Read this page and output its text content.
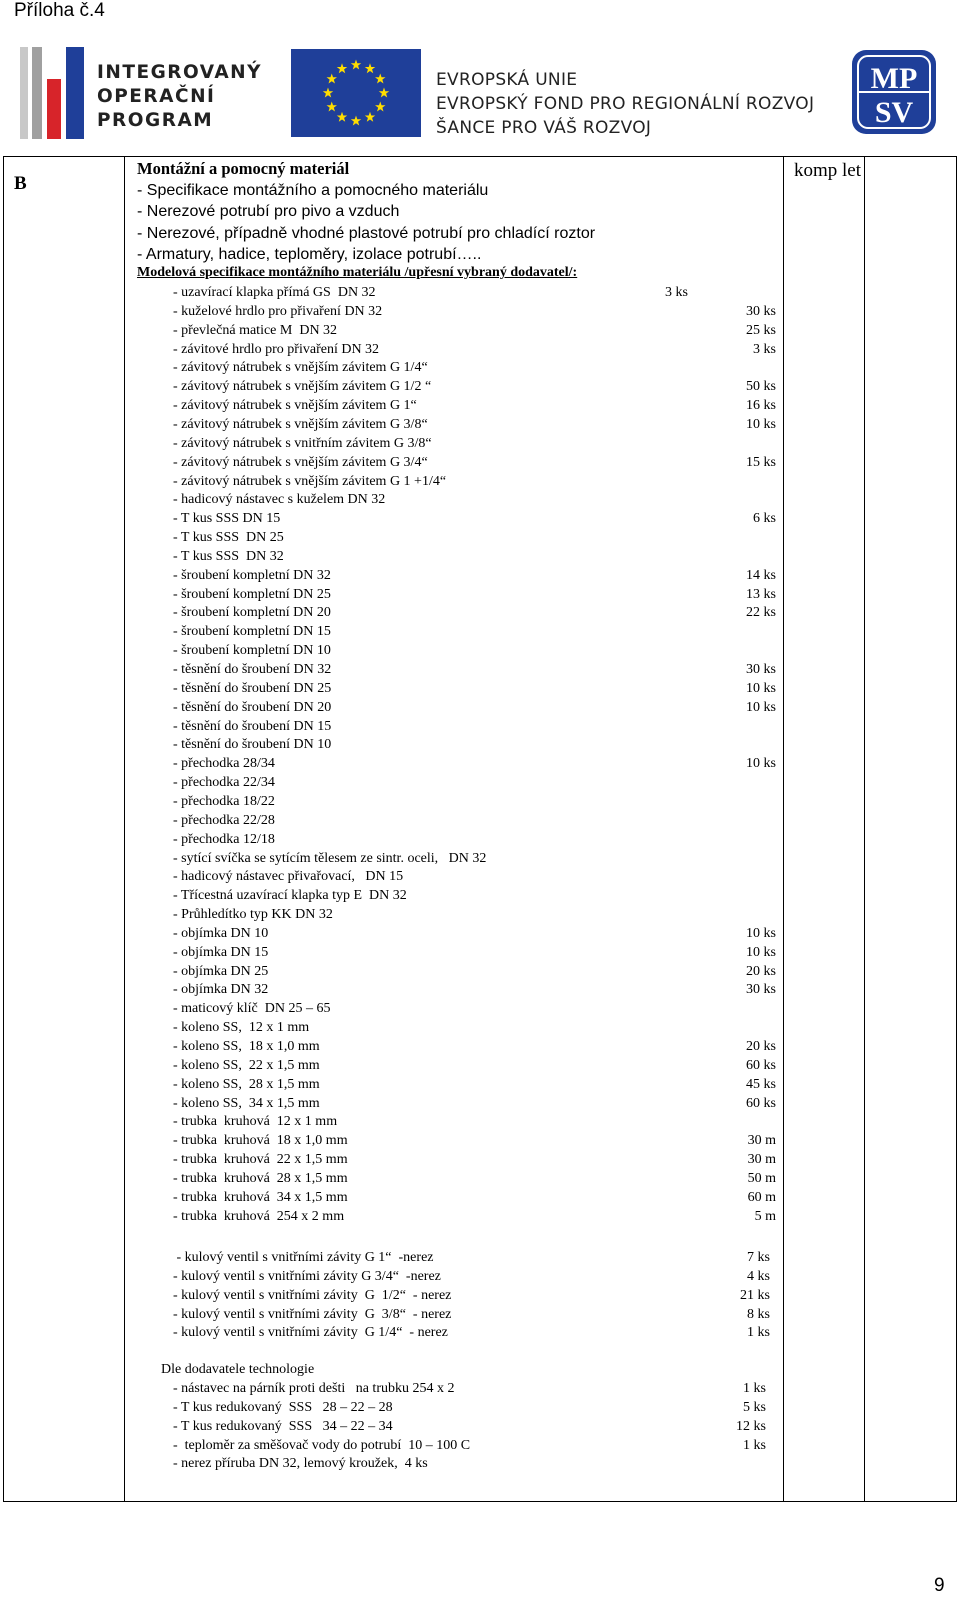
Příloha č.4
INTEGROVANÝ
OPERAČNÍ
PROGRAM
EVROPSKÁ UNIE
EVROPSKÝ FOND PRO REGIONÁLNÍ ROZVOJ
ŠANCE PRO VÁŠ ROZVOJ
MP
SV
B	
Montážní a pomocný materiál
- Specifikace montážního a pomocného materiálu
- Nerezové potrubí pro pivo a vzduch
- Nerezové, případně vhodné plastové potrubí pro chladící roztor
- Armatury, hadice, teploměry, izolace potrubí…..
Modelová specifikace montážního materiálu /upřesní vybraný dodavatel/:
Dle dodavatele technologie
- uzavírací klapka přímá GS  DN 32	3 ks
- kuželové hrdlo pro přivaření DN 32	30 ks
- převlečná matice M  DN 32	25 ks
- závitové hrdlo pro přivaření DN 32	3 ks
- závitový nátrubek s vnějším závitem G 1/4“
- závitový nátrubek s vnějším závitem G 1/2 “	50 ks
- závitový nátrubek s vnějším závitem G 1“	16 ks
- závitový nátrubek s vnějším závitem G 3/8“	10 ks
- závitový nátrubek s vnitřním závitem G 3/8“
- závitový nátrubek s vnějším závitem G 3/4“	15 ks
- závitový nátrubek s vnějším závitem G 1 +1/4“
- hadicový nástavec s kuželem DN 32
- T kus SSS DN 15	6 ks
- T kus SSS  DN 25
- T kus SSS  DN 32
- šroubení kompletní DN 32	14 ks
- šroubení kompletní DN 25	13 ks
- šroubení kompletní DN 20	22 ks
- šroubení kompletní DN 15
- šroubení kompletní DN 10
- těsnění do šroubení DN 32	30 ks
- těsnění do šroubení DN 25	10 ks
- těsnění do šroubení DN 20	10 ks
- těsnění do šroubení DN 15
- těsnění do šroubení DN 10
- přechodka 28/34	10 ks
- přechodka 22/34
- přechodka 18/22
- přechodka 22/28
- přechodka 12/18
- sytící svíčka se sytícím tělesem ze sintr. oceli,   DN 32
- hadicový nástavec přivařovací,   DN 15
- Třícestná uzavírací klapka typ E  DN 32
- Průhledítko typ KK DN 32
- objímka DN 10	10 ks
- objímka DN 15	10 ks
- objímka DN 25	20 ks
- objímka DN 32	30 ks
- maticový klíč  DN 25 – 65
- koleno SS,  12 x 1 mm
- koleno SS,  18 x 1,0 mm	20 ks
- koleno SS,  22 x 1,5 mm	60 ks
- koleno SS,  28 x 1,5 mm	45 ks
- koleno SS,  34 x 1,5 mm	60 ks
- trubka  kruhová  12 x 1 mm
- trubka  kruhová  18 x 1,0 mm	30 m
- trubka  kruhová  22 x 1,5 mm	30 m
- trubka  kruhová  28 x 1,5 mm	50 m
- trubka  kruhová  34 x 1,5 mm	60 m
- trubka  kruhová  254 x 2 mm	5 m
- kulový ventil s vnitřními závity G 1“  -nerez	7 ks
- kulový ventil s vnitřními závity G 3/4“  -nerez	4 ks
- kulový ventil s vnitřními závity  G  1/2“  - nerez	21 ks
- kulový ventil s vnitřními závity  G  3/8“  - nerez	8 ks
- kulový ventil s vnitřními závity  G 1/4“  - nerez	1 ks
- nástavec na párník proti dešti   na trubku 254 x 2	1 ks
- T kus redukovaný  SSS   28 – 22 – 28	5 ks
- T kus redukovaný  SSS   34 – 22 – 34	12 ks
-  teploměr za směšovač vody do potrubí  10 – 100 C	1 ks
- nerez příruba DN 32, lemový kroužek,  4 ks
	komp let	
9
